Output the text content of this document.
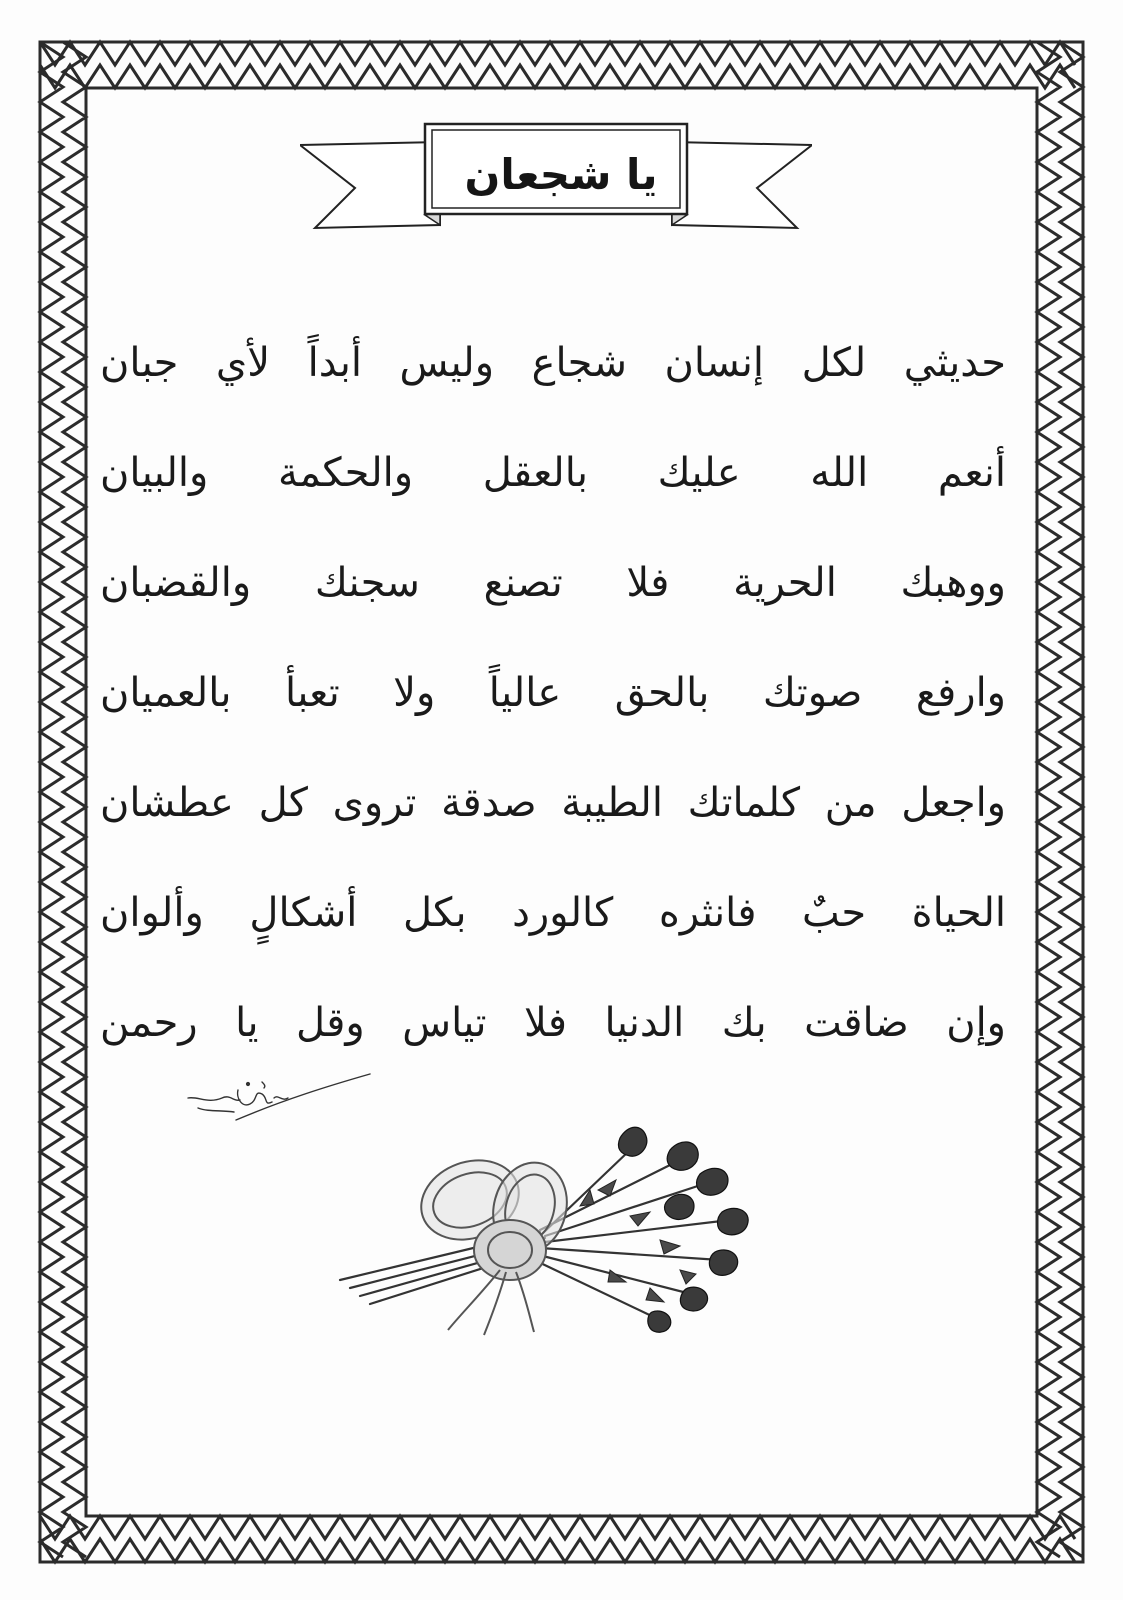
يا شجعان
حديثي لكل إنسان شجاع وليس أبداً لأي جبان
أنعم الله عليك بالعقل والحكمة والبيان
ووهبك الحرية فلا تصنع سجنك والقضبان
وارفع صوتك بالحق عالياً ولا تعبأ بالعميان
واجعل من كلماتك الطيبة صدقة تروى كل عطشان
الحياة حبٌ فانثره كالورد بكل أشكالٍ وألوان
وإن ضاقت بك الدنيا فلا تياس وقل يا رحمن
